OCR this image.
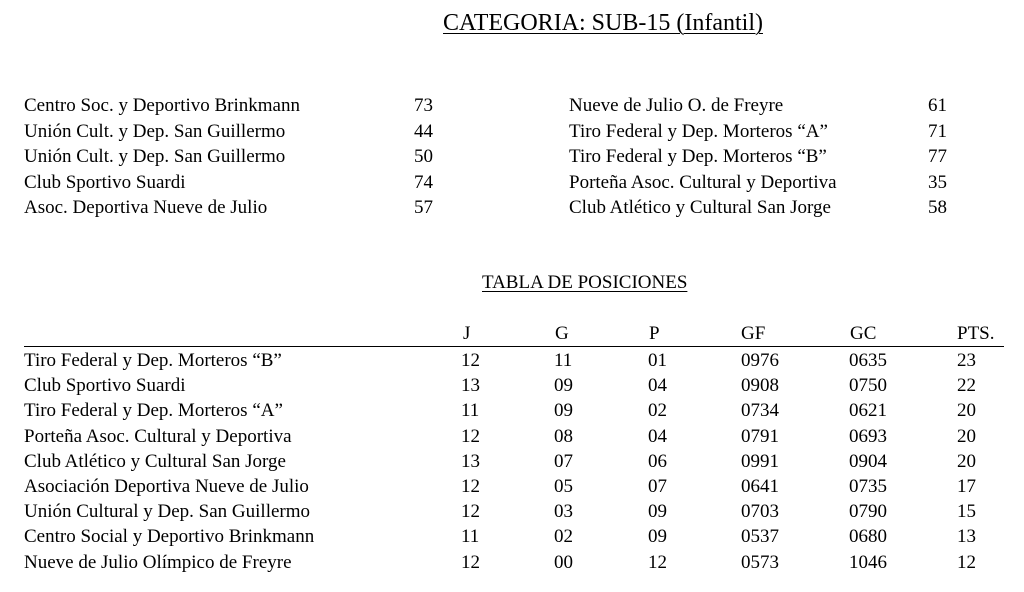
CATEGORIA: SUB-15 (Infantil)
Centro Soc. y Deportivo Brinkmann	73
Unión Cult. y Dep. San Guillermo	44
Unión Cult. y Dep. San Guillermo	50
Club Sportivo Suardi	74
Asoc. Deportiva Nueve de Julio	57
Nueve de Julio O. de Freyre	61
Tiro Federal y Dep. Morteros “A”	71
Tiro Federal y Dep. Morteros “B”	77
Porteña Asoc. Cultural y Deportiva	35
Club Atlético y Cultural San Jorge	58
TABLA DE POSICIONES
J	G	P	GF	GC	PTS.
Tiro Federal y Dep. Morteros “B”	12	11	01	0976	0635	23
Club Sportivo Suardi	13	09	04	0908	0750	22
Tiro Federal y Dep. Morteros “A”	11	09	02	0734	0621	20
Porteña Asoc. Cultural y Deportiva	12	08	04	0791	0693	20
Club Atlético y Cultural San Jorge	13	07	06	0991	0904	20
Asociación Deportiva Nueve de Julio	12	05	07	0641	0735	17
Unión Cultural y Dep. San Guillermo	12	03	09	0703	0790	15
Centro Social y Deportivo Brinkmann	11	02	09	0537	0680	13
Nueve de Julio Olímpico de Freyre	12	00	12	0573	1046	12
